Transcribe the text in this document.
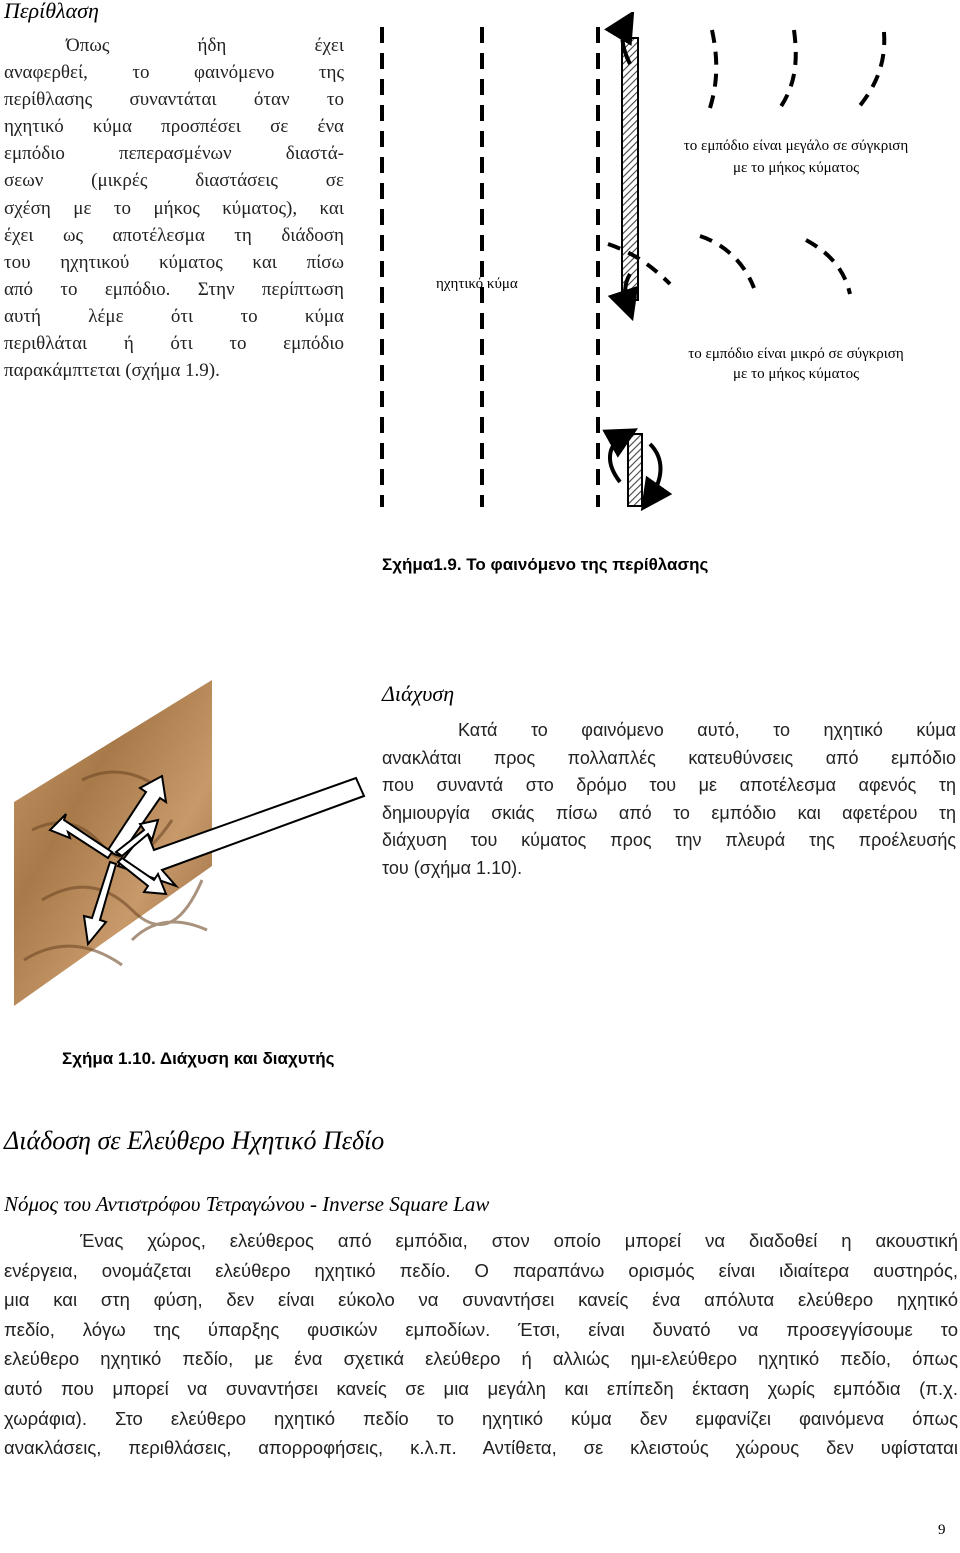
Περίθλαση
Όπως ήδη έχει
αναφερθεί, το φαινόμενο της
περίθλασης συναντάται όταν το
ηχητικό κύμα προσπέσει σε ένα
εμπόδιο πεπερασμένων διαστά-
σεων (μικρές διαστάσεις σε
σχέση με το μήκος κύματος), και
έχει ως αποτέλεσμα τη διάδοση
του ηχητικού κύματος και πίσω
από το εμπόδιο. Στην περίπτωση
αυτή λέμε ότι το κύμα
περιθλάται ή ότι το εμπόδιο
παρακάμπτεται (σχήμα 1.9).
ηχητικό κύμα
το εμπόδιο είναι μεγάλο σε σύγκριση
με το μήκος κύματος
το εμπόδιο είναι μικρό σε σύγκριση
με το μήκος κύματος
Σχήμα1.9. Το φαινόμενο της περίθλασης
Διάχυση
Κατά το φαινόμενο αυτό, το ηχητικό κύμα
ανακλάται προς πολλαπλές κατευθύνσεις από εμπόδιο
που συναντά στο δρόμο του με αποτέλεσμα αφενός τη
δημιουργία σκιάς πίσω από το εμπόδιο και αφετέρου τη
διάχυση του κύματος προς την πλευρά της προέλευσής
του (σχήμα 1.10).
Σχήμα 1.10. Διάχυση και διαχυτής
Διάδοση σε Ελεύθερο Ηχητικό Πεδίο
Νόμος του Αντιστρόφου Τετραγώνου - Inverse Square Law
Ένας χώρος, ελεύθερος από εμπόδια, στον οποίο μπορεί να διαδοθεί η ακουστική
ενέργεια, ονομάζεται ελεύθερο ηχητικό πεδίο. Ο παραπάνω ορισμός είναι ιδιαίτερα αυστηρός,
μια και στη φύση, δεν είναι εύκολο να συναντήσει κανείς ένα απόλυτα ελεύθερο ηχητικό
πεδίο, λόγω της ύπαρξης φυσικών εμποδίων. Έτσι, είναι δυνατό να προσεγγίσουμε το
ελεύθερο ηχητικό πεδίο, με ένα σχετικά ελεύθερο ή αλλιώς ημι-ελεύθερο ηχητικό πεδίο, όπως
αυτό που μπορεί να συναντήσει κανείς σε μια μεγάλη και επίπεδη έκταση χωρίς εμπόδια (π.χ.
χωράφια). Στο ελεύθερο ηχητικό πεδίο το ηχητικό κύμα δεν εμφανίζει φαινόμενα όπως
ανακλάσεις, περιθλάσεις, απορροφήσεις, κ.λ.π. Αντίθετα, σε κλειστούς χώρους δεν υφίσταται
9
